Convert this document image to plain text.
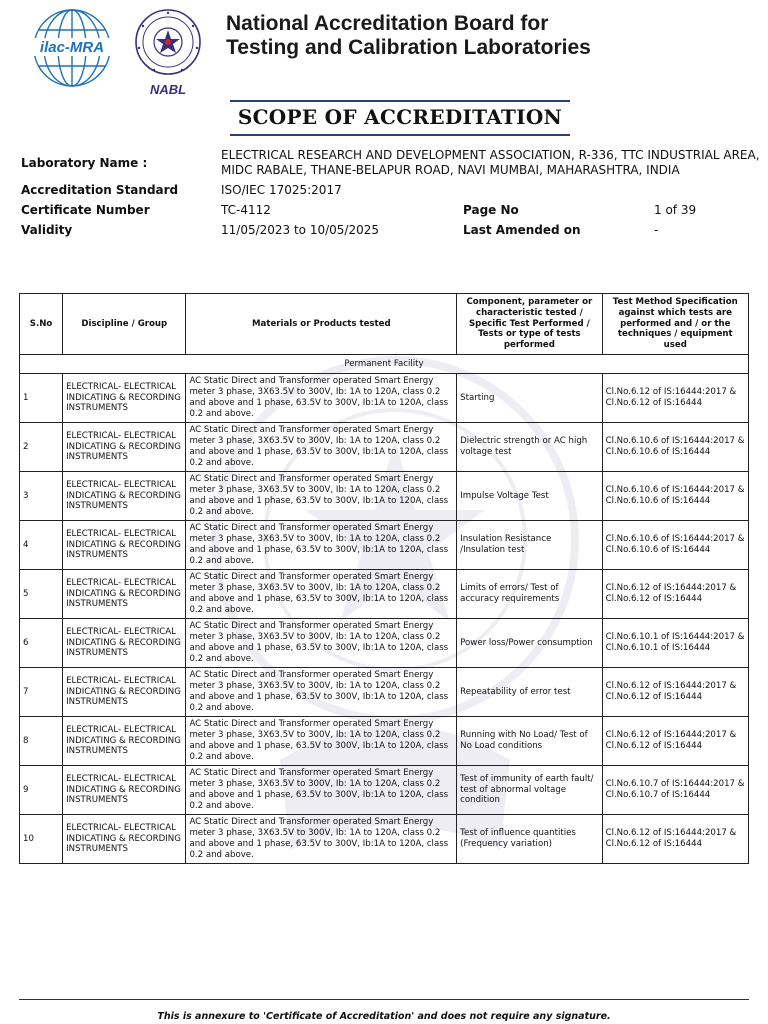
ilac-MRA
NABL
National Accreditation Board for
Testing and Calibration Laboratories
SCOPE OF ACCREDITATION
Laboratory Name :
ELECTRICAL RESEARCH AND DEVELOPMENT ASSOCIATION, R-336, TTC INDUSTRIAL AREA,
MIDC RABALE, THANE-BELAPUR ROAD, NAVI MUMBAI, MAHARASHTRA, INDIA
Accreditation Standard	ISO/IEC 17025:2017
Certificate Number	TC-4112	Page No	1 of 39
Validity	11/05/2023 to 10/05/2025	Last Amended on	-
S.No	Discipline / Group	Materials or Products tested	Component, parameter or characteristic tested / Specific Test Performed / Tests or type of tests performed	Test Method Specification against which tests are performed and / or the techniques / equipment used
Permanent Facility				
1	ELECTRICAL- ELECTRICAL INDICATING & RECORDING INSTRUMENTS	AC Static Direct and Transformer operated Smart Energy meter 3 phase, 3X63.5V to 300V, Ib: 1A to 120A, class 0.2 and above and 1 phase, 63.5V to 300V, Ib:1A to 120A, class 0.2 and above.	Starting	Cl.No.6.12 of IS:16444:2017 & Cl.No.6.12 of IS:16444
2	ELECTRICAL- ELECTRICAL INDICATING & RECORDING INSTRUMENTS	AC Static Direct and Transformer operated Smart Energy meter 3 phase, 3X63.5V to 300V, Ib: 1A to 120A, class 0.2 and above and 1 phase, 63.5V to 300V, Ib:1A to 120A, class 0.2 and above.	Dielectric strength or AC high voltage test	Cl.No.6.10.6 of IS:16444:2017 & Cl.No.6.10.6 of IS:16444
3	ELECTRICAL- ELECTRICAL INDICATING & RECORDING INSTRUMENTS	AC Static Direct and Transformer operated Smart Energy meter 3 phase, 3X63.5V to 300V, Ib: 1A to 120A, class 0.2 and above and 1 phase, 63.5V to 300V, Ib:1A to 120A, class 0.2 and above.	Impulse Voltage Test	Cl.No.6.10.6 of IS:16444:2017 & Cl.No.6.10.6 of IS:16444
4	ELECTRICAL- ELECTRICAL INDICATING & RECORDING INSTRUMENTS	AC Static Direct and Transformer operated Smart Energy meter 3 phase, 3X63.5V to 300V, Ib: 1A to 120A, class 0.2 and above and 1 phase, 63.5V to 300V, Ib:1A to 120A, class 0.2 and above.	Insulation Resistance /Insulation test	Cl.No.6.10.6 of IS:16444:2017 & Cl.No.6.10.6 of IS:16444
5	ELECTRICAL- ELECTRICAL INDICATING & RECORDING INSTRUMENTS	AC Static Direct and Transformer operated Smart Energy meter 3 phase, 3X63.5V to 300V, Ib: 1A to 120A, class 0.2 and above and 1 phase, 63.5V to 300V, Ib:1A to 120A, class 0.2 and above.	Limits of errors/ Test of accuracy requirements	Cl.No.6.12 of IS:16444:2017 & Cl.No.6.12 of IS:16444
6	ELECTRICAL- ELECTRICAL INDICATING & RECORDING INSTRUMENTS	AC Static Direct and Transformer operated Smart Energy meter 3 phase, 3X63.5V to 300V, Ib: 1A to 120A, class 0.2 and above and 1 phase, 63.5V to 300V, Ib:1A to 120A, class 0.2 and above.	Power loss/Power consumption	Cl.No.6.10.1 of IS:16444:2017 & Cl.No.6.10.1 of IS:16444
7	ELECTRICAL- ELECTRICAL INDICATING & RECORDING INSTRUMENTS	AC Static Direct and Transformer operated Smart Energy meter 3 phase, 3X63.5V to 300V, Ib: 1A to 120A, class 0.2 and above and 1 phase, 63.5V to 300V, Ib:1A to 120A, class 0.2 and above.	Repeatability of error test	Cl.No.6.12 of IS:16444:2017 & Cl.No.6.12 of IS:16444
8	ELECTRICAL- ELECTRICAL INDICATING & RECORDING INSTRUMENTS	AC Static Direct and Transformer operated Smart Energy meter 3 phase, 3X63.5V to 300V, Ib: 1A to 120A, class 0.2 and above and 1 phase, 63.5V to 300V, Ib:1A to 120A, class 0.2 and above.	Running with No Load/ Test of No Load conditions	Cl.No.6.12 of IS:16444:2017 & Cl.No.6.12 of IS:16444
9	ELECTRICAL- ELECTRICAL INDICATING & RECORDING INSTRUMENTS	AC Static Direct and Transformer operated Smart Energy meter 3 phase, 3X63.5V to 300V, Ib: 1A to 120A, class 0.2 and above and 1 phase, 63.5V to 300V, Ib:1A to 120A, class 0.2 and above.	Test of immunity of earth fault/ test of abnormal voltage condition	Cl.No.6.10.7 of IS:16444:2017 & Cl.No.6.10.7 of IS:16444
10	ELECTRICAL- ELECTRICAL INDICATING & RECORDING INSTRUMENTS	AC Static Direct and Transformer operated Smart Energy meter 3 phase, 3X63.5V to 300V, Ib: 1A to 120A, class 0.2 and above and 1 phase, 63.5V to 300V, Ib:1A to 120A, class 0.2 and above.	Test of influence quantities (Frequency variation)	Cl.No.6.12 of IS:16444:2017 & Cl.No.6.12 of IS:16444
This is annexure to 'Certificate of Accreditation' and does not require any signature.
